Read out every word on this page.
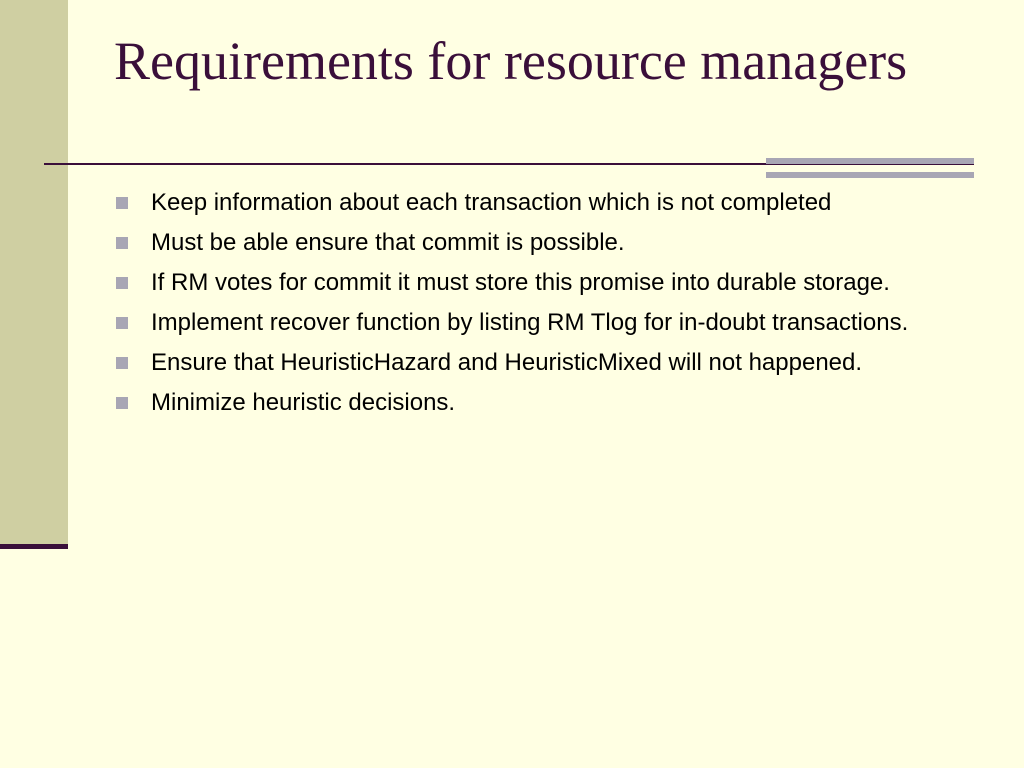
Requirements for resource managers
Keep information about each transaction which is not completed
Must be able ensure that commit is possible.
If RM votes for commit it must store this promise into durable storage.
Implement recover function by listing RM Tlog for in-doubt transactions.
Ensure that HeuristicHazard and HeuristicMixed will not happened.
Minimize heuristic decisions.
